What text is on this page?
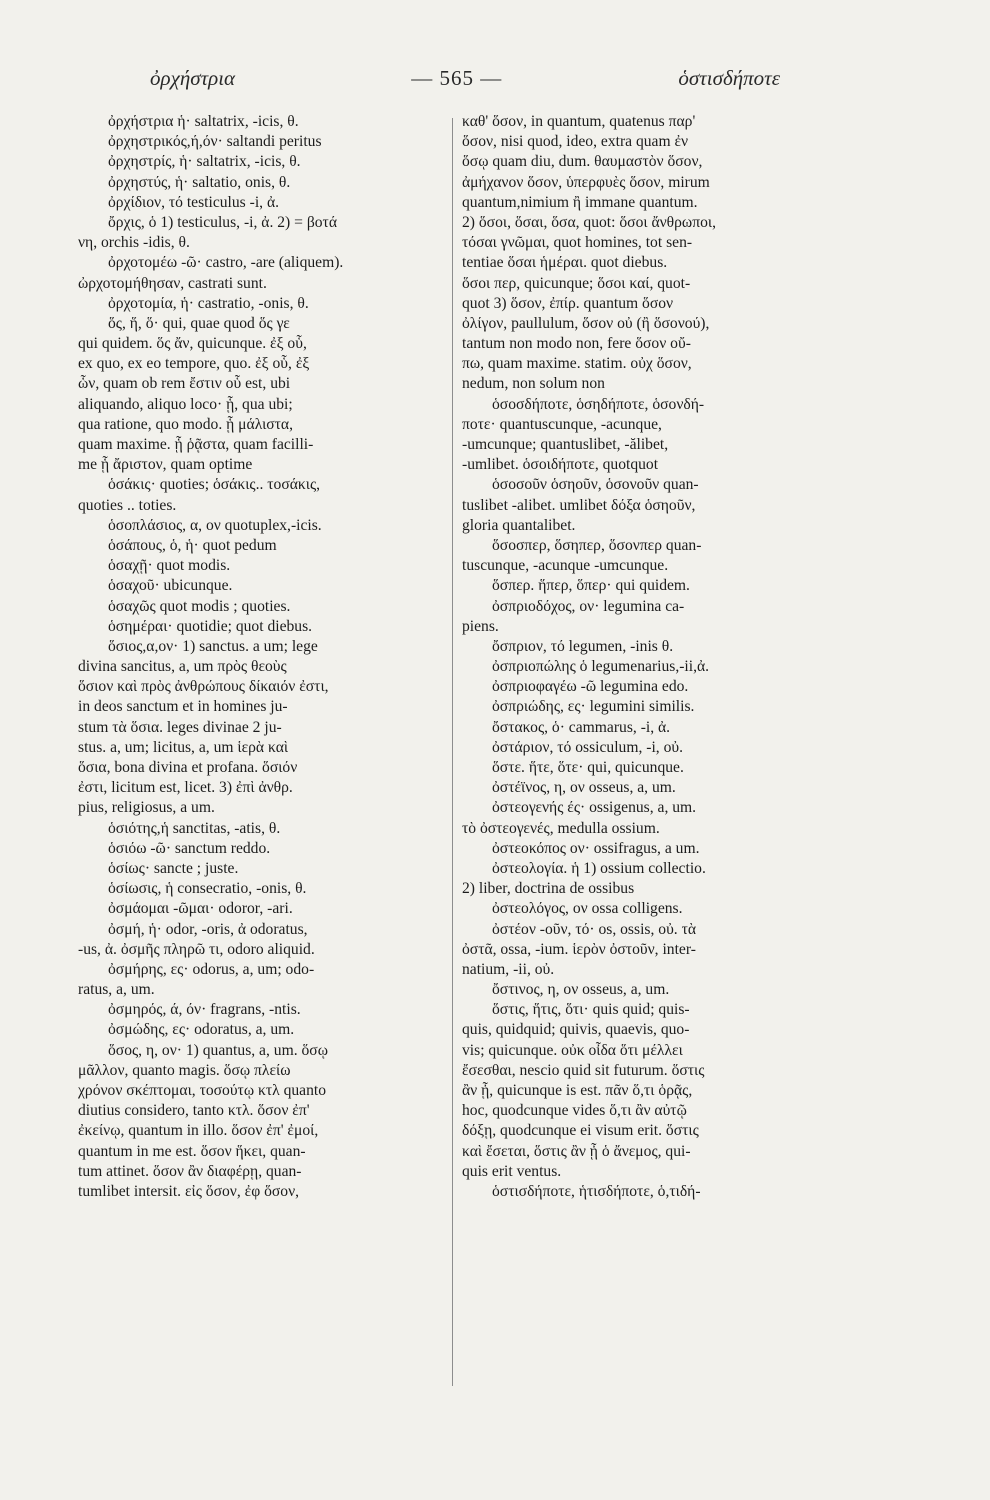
ὀρχήστρια	— 565 —	ὁστισδήποτε
ὀρχήστρια ἡ· saltatrix, -icis, θ.
ὀρχηστρικός,ή,όν· saltandi peritus
ὀρχηστρίς, ἡ· saltatrix, -icis, θ.
ὀρχηστύς, ἡ· saltatio, onis, θ.
ὀρχίδιον, τό testiculus -i, ἀ.
ὄρχις, ὁ 1) testiculus, -i, ἀ. 2) = βοτά
νη, orchis -idis, θ.
ὀρχοτομέω -ῶ· castro, -are (aliquem).
ὠρχοτομήθησαν, castrati sunt.
ὀρχοτομία, ἡ· castratio, -onis, θ.
ὅς, ἥ, ὅ· qui, quae quod ὅς γε
qui quidem. ὅς ἄν, quicunque. ἐξ οὗ,
ex quo, ex eo tempore, quo. ἐξ οὗ, ἐξ
ὧν, quam ob rem ἔστιν οὗ est, ubi
aliquando, aliquo loco· ᾗ, qua ubi;
qua ratione, quo modo. ᾗ μάλιστα,
quam maxime. ᾗ ῥᾷστα, quam facilli-
me ᾗ ἄριστον, quam optime
ὁσάκις· quoties; ὁσάκις.. τοσάκις,
quoties .. toties.
ὁσοπλάσιος, α, ον quotuplex,-icis.
ὁσάπους, ὁ, ἡ· quot pedum
ὁσαχῇ· quot modis.
ὁσαχοῦ· ubicunque.
ὁσαχῶς quot modis ; quoties.
ὁσημέραι· quotidie; quot diebus.
ὅσιος,α,ον· 1) sanctus. a um; lege
divina sancitus, a, um πρὸς θεοὺς
ὅσιον καὶ πρὸς ἀνθρώπους δίκαιόν ἐστι,
in deos sanctum et in homines ju-
stum τὰ ὅσια. leges divinae 2 ju-
stus. a, um; licitus, a, um ἱερὰ καὶ
ὅσια, bona divina et profana. ὅσιόν
ἐστι, licitum est, licet. 3) ἐπὶ ἀνθρ.
pius, religiosus, a um.
ὁσιότης,ἡ sanctitas, -atis, θ.
ὁσιόω -ῶ· sanctum reddo.
ὁσίως· sancte ; juste.
ὁσίωσις, ἡ consecratio, -onis, θ.
ὀσμάομαι -ῶμαι· odoror, -ari.
ὀσμή, ἡ· odor, -oris, ἀ odoratus,
-us, ἀ. ὀσμῆς πληρῶ τι, odoro aliquid.
ὀσμήρης, ες· odorus, a, um; odo-
ratus, a, um.
ὀσμηρός, ά, όν· fragrans, -ntis.
ὀσμώδης, ες· odoratus, a, um.
ὅσος, η, ον· 1) quantus, a, um. ὅσῳ
μᾶλλον, quanto magis. ὅσῳ πλείω
χρόνον σκέπτομαι, τοσούτῳ κτλ quanto
diutius considero, tanto κτλ. ὅσον ἐπ'
ἐκείνῳ, quantum in illo. ὅσον ἐπ' ἐμοί,
quantum in me est. ὅσον ἥκει, quan-
tum attinet. ὅσον ἂν διαφέρῃ, quan-
tumlibet intersit. εἰς ὅσον, ἐφ ὅσον,
καθ' ὅσον, in quantum, quatenus παρ'
ὅσον, nisi quod, ideo, extra quam ἐν
ὅσῳ quam diu, dum. θαυμαστὸν ὅσον,
ἀμήχανον ὅσον, ὑπερφυὲς ὅσον, mirum
quantum,nimium ἢ immane quantum.
2) ὅσοι, ὅσαι, ὅσα, quot: ὅσοι ἄνθρωποι,
τόσαι γνῶμαι, quot homines, tot sen-
tentiae ὅσαι ἡμέραι. quot diebus.
ὅσοι περ, quicunque; ὅσοι καί, quot-
quot 3) ὅσον, ἐπίρ. quantum ὅσον
ὀλίγον, paullulum, ὅσον οὐ (ἢ ὅσονού),
tantum non modo non, fere ὅσον οὔ-
πω, quam maxime. statim. οὐχ ὅσον,
nedum, non solum non
ὁσοσδήποτε, ὁσηδήποτε, ὁσονδή-
ποτε· quantuscunque, -acunque,
-umcunque; quantuslibet, -ălibet,
-umlibet. ὁσοιδήποτε, quotquot
ὁσοσοῦν ὁσηοῦν, ὁσονοῦν quan-
tuslibet -alibet. umlibet δόξα ὁσηοῦν,
gloria quantalibet.
ὅσοσπερ, ὅσηπερ, ὅσονπερ quan-
tuscunque, -acunque -umcunque.
ὅσπερ. ἥπερ, ὅπερ· qui quidem.
ὀσπριοδόχος, ον· legumina ca-
piens.
ὄσπριον, τό legumen, -inis θ.
ὀσπριοπώλης ὁ legumenarius,-ii,ἀ.
ὀσπριοφαγέω -ῶ legumina edo.
ὀσπριώδης, ες· legumini similis.
ὄστακος, ὁ· cammarus, -i, ἀ.
ὀστάριον, τό ossiculum, -i, οὐ.
ὅστε. ἥτε, ὅτε· qui, quicunque.
ὀστέϊνος, η, ον osseus, a, um.
ὀστεογενής ές· ossigenus, a, um.
τὸ ὀστεογενές, medulla ossium.
ὀστεοκόπος ον· ossifragus, a um.
ὀστεολογία. ἡ 1) ossium collectio.
2) liber, doctrina de ossibus
ὀστεολόγος, ον ossa colligens.
ὀστέον -οῦν, τό· os, ossis, οὐ. τὰ
ὀστᾶ, ossa, -ium. ἱερὸν ὀστοῦν, inter-
natium, -ii, οὐ.
ὄστινος, η, ον osseus, a, um.
ὅστις, ἥτις, ὅτι· quis quid; quis-
quis, quidquid; quivis, quaevis, quo-
vis; quicunque. οὐκ οἶδα ὅτι μέλλει
ἔσεσθαι, nescio quid sit futurum. ὅστις
ἂν ᾖ, quicunque is est. πᾶν ὅ,τι ὁρᾷς,
hoc, quodcunque vides ὅ,τι ἂν αὐτῷ
δόξῃ, quodcunque ei visum erit. ὅστις
καὶ ἔσεται, ὅστις ἂν ᾖ ὁ ἄνεμος, qui-
quis erit ventus.
ὁστισδήποτε, ἡτισδήποτε, ὁ,τιδή-
